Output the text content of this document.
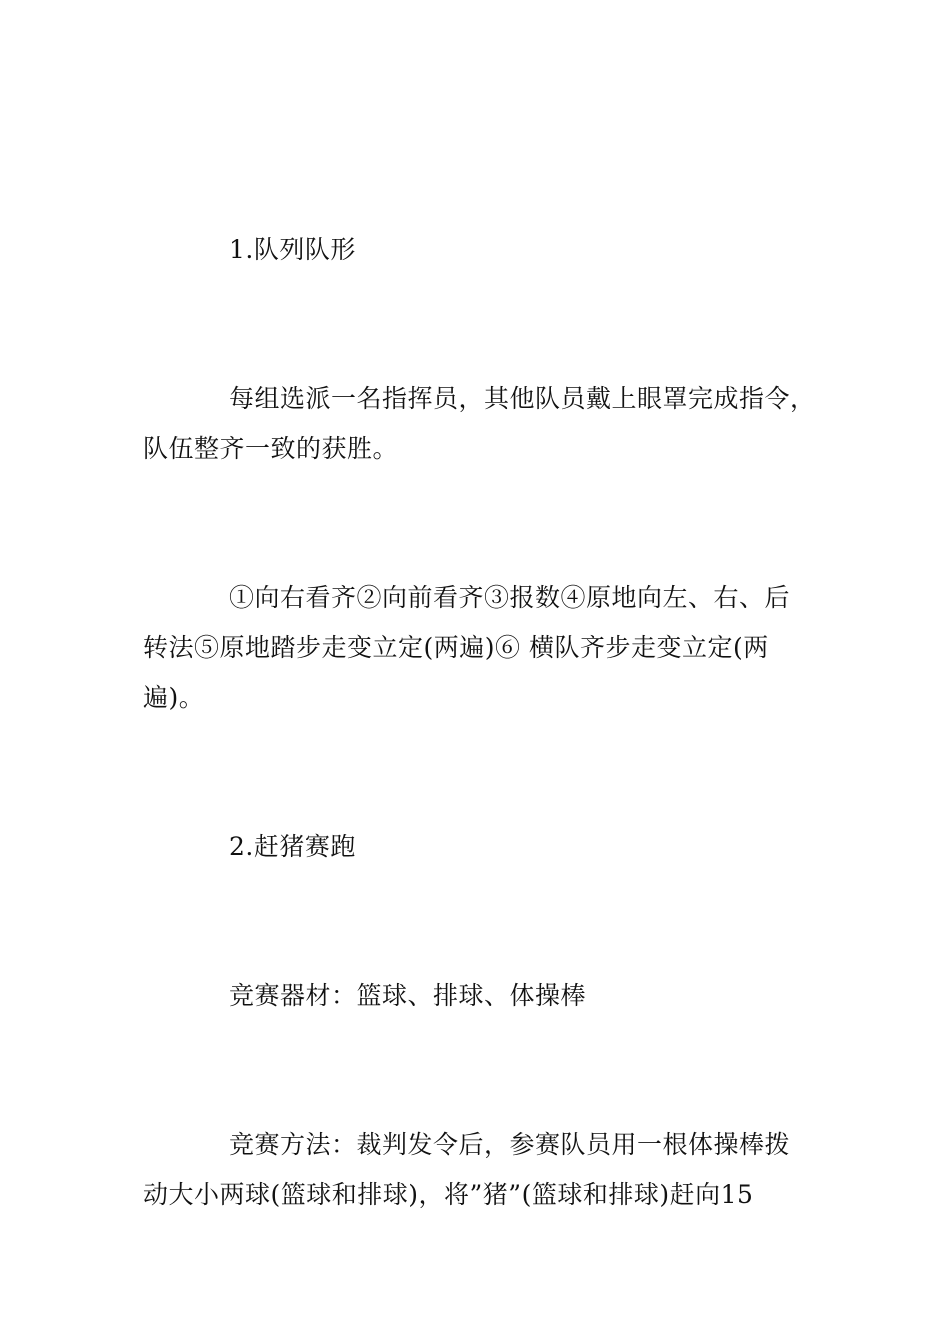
1.队列队形
每组选派一名指挥员，其他队员戴上眼罩完成指令，
队伍整齐一致的获胜。
①向右看齐②向前看齐③报数④原地向左、右、后
转法⑤原地踏步走变立定(两遍)⑥ 横队齐步走变立定(两
遍)。
2.赶猪赛跑
竞赛器材：篮球、排球、体操棒
竞赛方法：裁判发令后，参赛队员用一根体操棒拨
动大小两球(篮球和排球)，将”猪”(篮球和排球)赶向15
